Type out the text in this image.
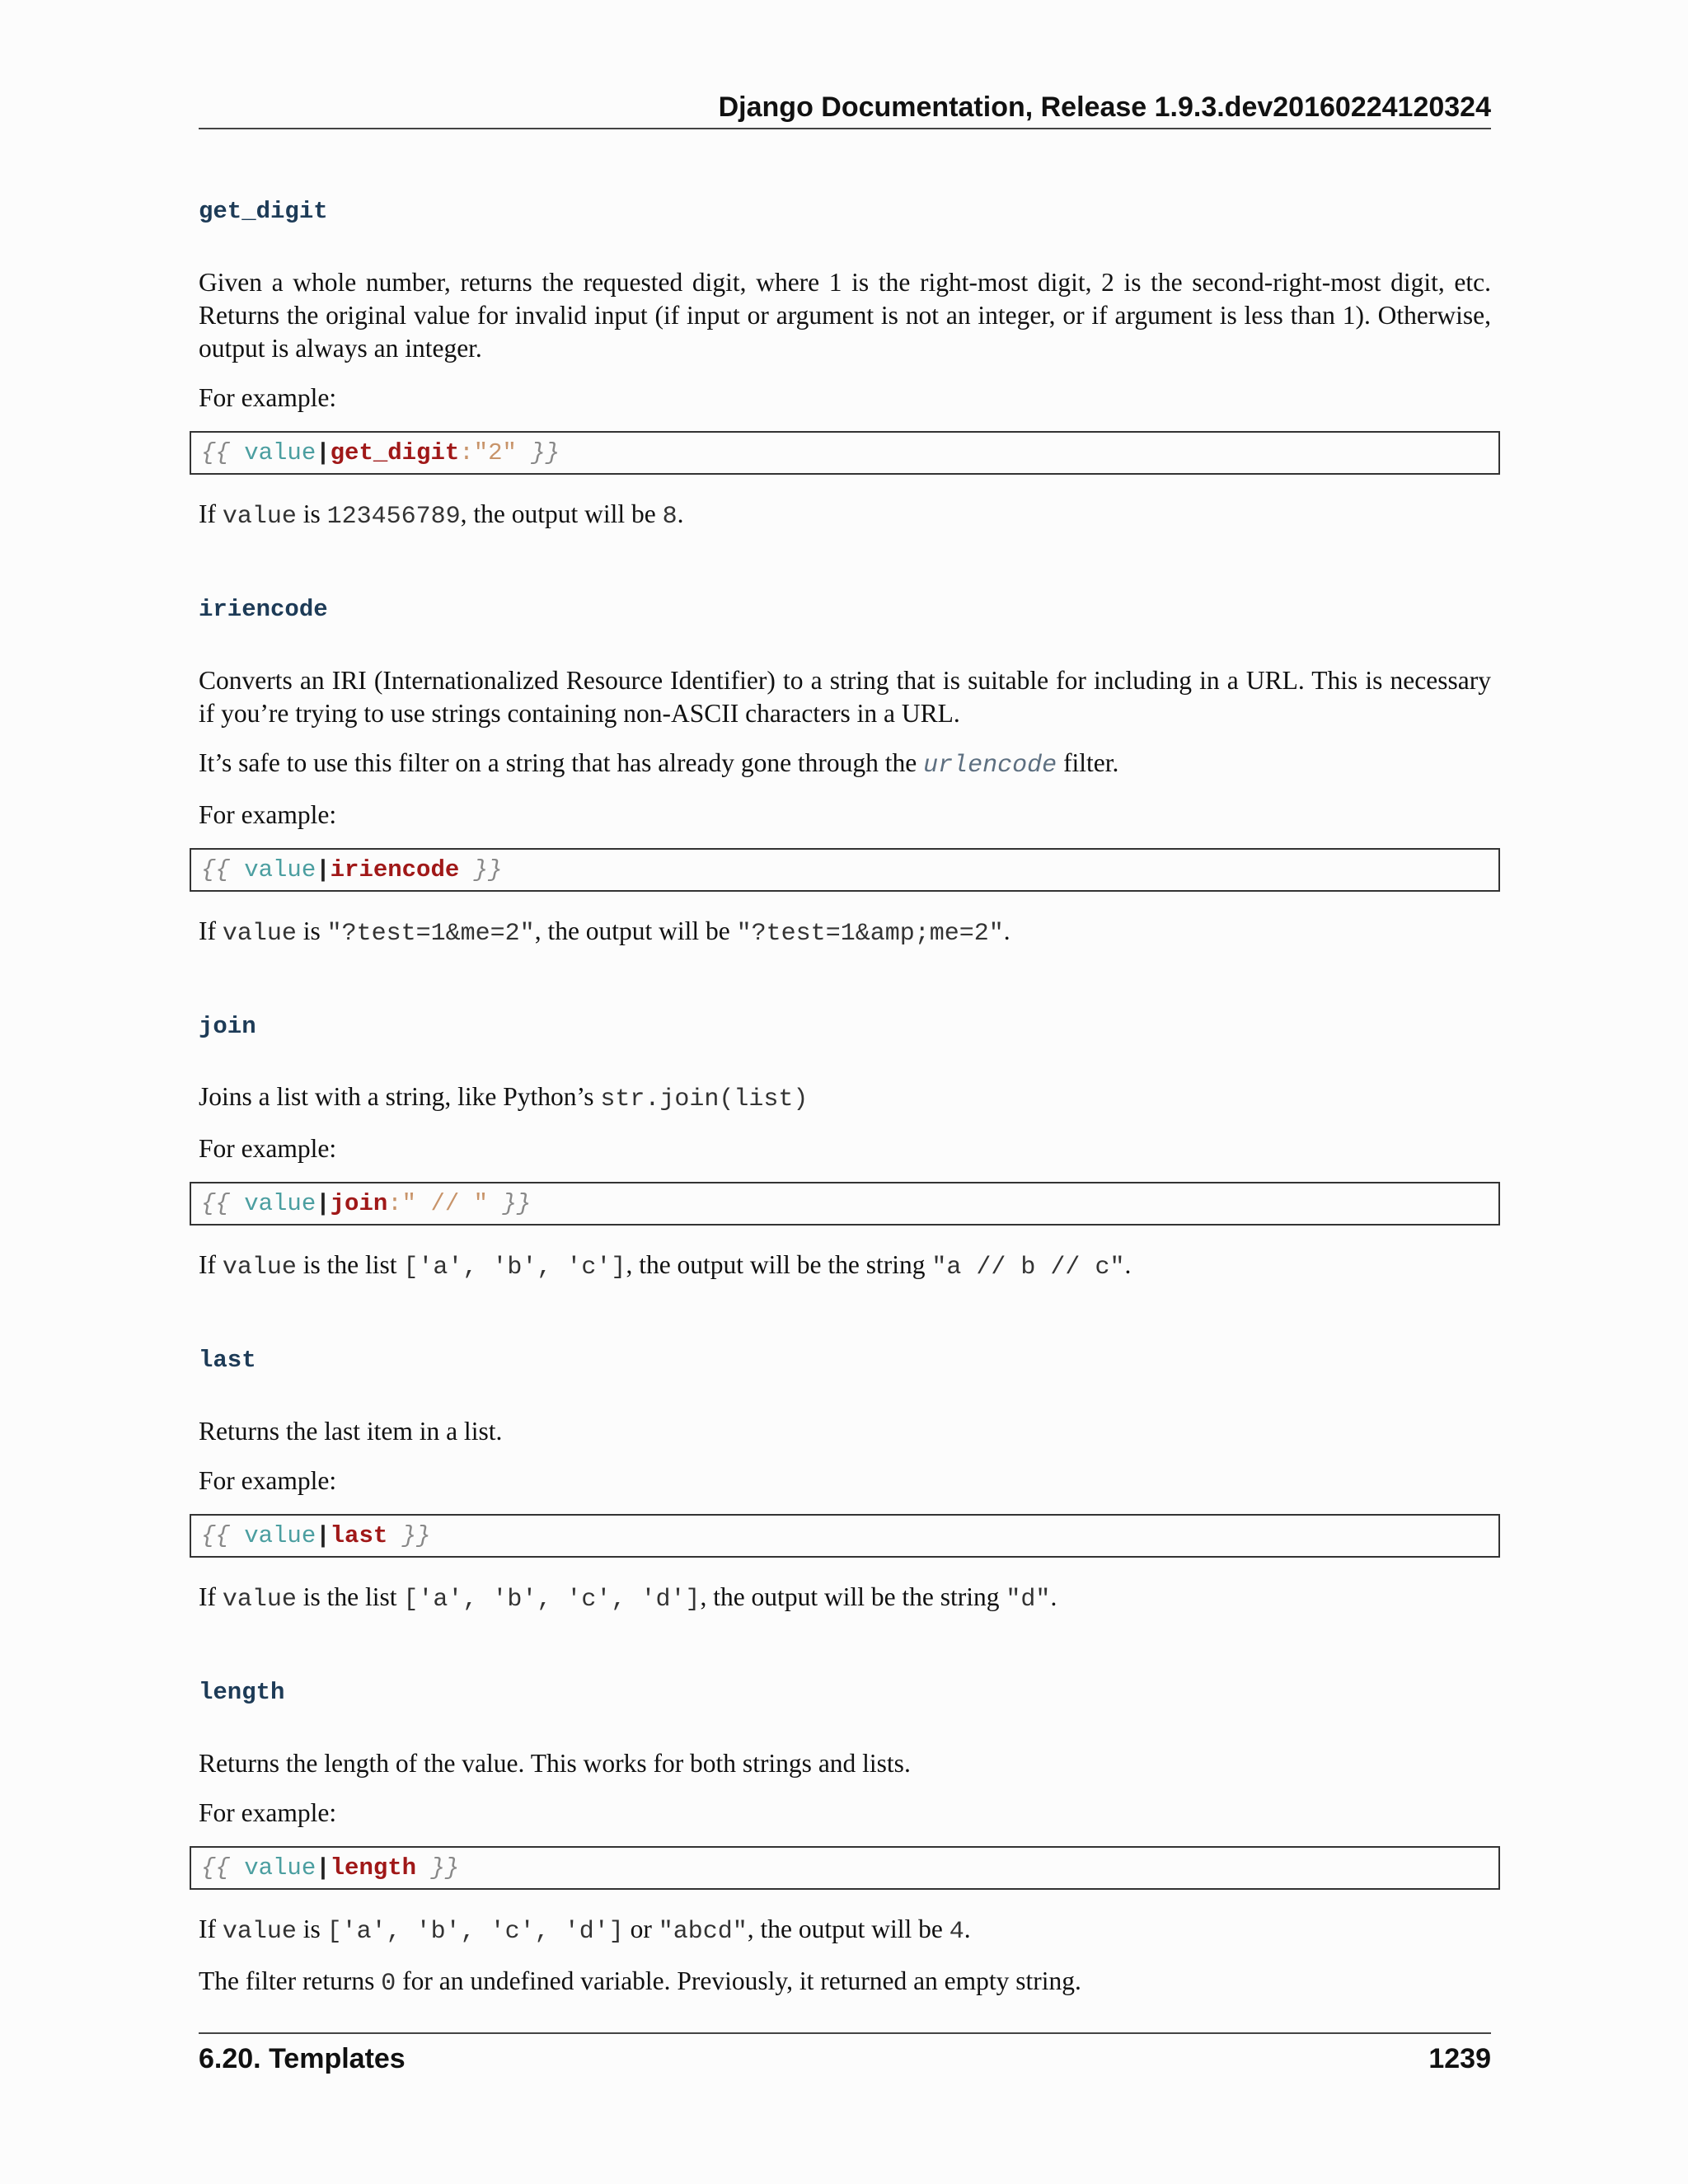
Django Documentation, Release 1.9.3.dev20160224120324
get_digit

Given a whole number, returns the requested digit, where 1 is the right-most digit, 2 is the second-right-most digit, etc. Returns the original value for invalid input (if input or argument is not an integer, or if argument is less than 1). Otherwise, output is always an integer.

For example:

{{ value|get_digit:"2" }}

If value is 123456789, the output will be 8.

iriencode

Converts an IRI (Internationalized Resource Identifier) to a string that is suitable for including in a URL. This is necessary if you’re trying to use strings containing non-ASCII characters in a URL.

It’s safe to use this filter on a string that has already gone through the urlencode filter.

For example:

{{ value|iriencode }}

If value is "?test=1&me=2", the output will be "?test=1&amp;me=2".

join

Joins a list with a string, like Python’s str.join(list)

For example:

{{ value|join:" // " }}

If value is the list ['a', 'b', 'c'], the output will be the string "a // b // c".

last

Returns the last item in a list.

For example:

{{ value|last }}

If value is the list ['a', 'b', 'c', 'd'], the output will be the string "d".

length

Returns the length of the value. This works for both strings and lists.

For example:

{{ value|length }}

If value is ['a', 'b', 'c', 'd'] or "abcd", the output will be 4.

The filter returns 0 for an undefined variable. Previously, it returned an empty string.

6.20. Templates	1239
